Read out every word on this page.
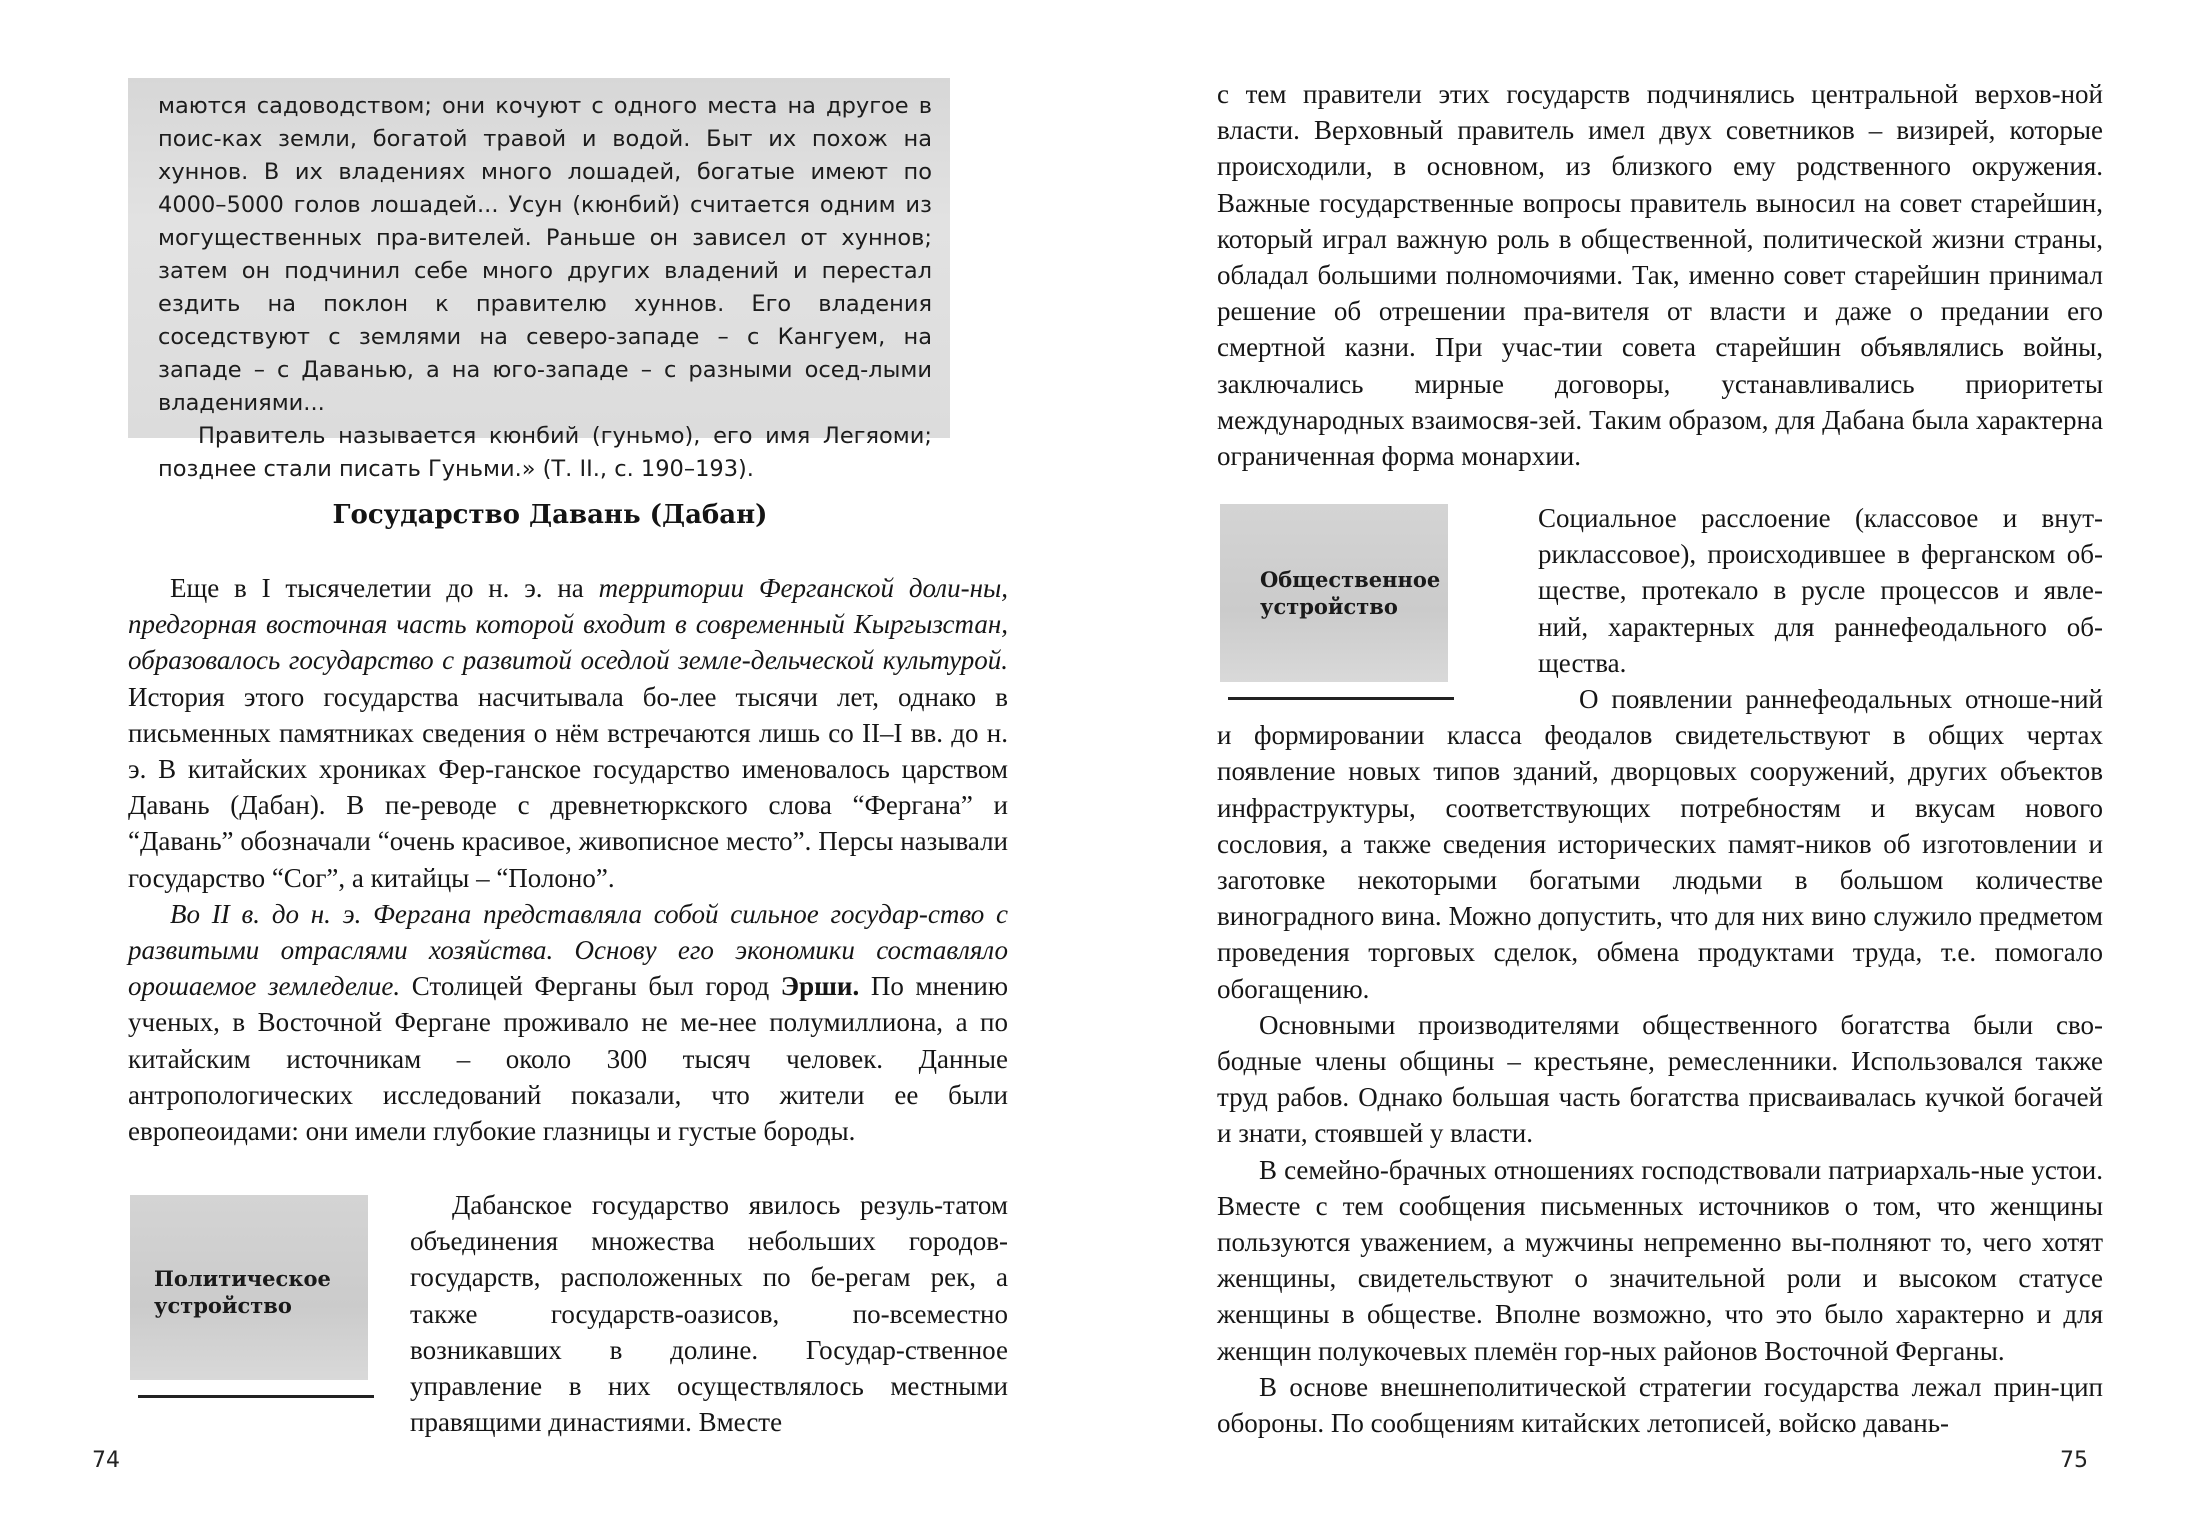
маются садоводством; они кочуют с одного места на другое в поис-ках земли, богатой травой и водой. Быт их похож на хуннов. В их владениях много лошадей, богатые имеют по 4000–5000 голов лошадей... Усун (кюнбий) считается одним из могущественных пра-вителей. Раньше он зависел от хуннов; затем он подчинил себе много других владений и перестал ездить на поклон к правителю хуннов. Его владения соседствуют с землями на северо-западе – с Кангуем, на западе – с Даванью, а на юго-западе – с разными осед-лыми владениями...

Правитель называется кюнбий (гуньмо), его имя Легяоми; позднее стали писать Гуньми.» (Т. II., с. 190–193).

Государство Давань (Дабан)

Еще в I тысячелетии до н. э. на территории Ферганской доли-ны, предгорная восточная часть которой входит в современный Кыргызстан, образовалось государство с развитой оседлой земле-дельческой культурой. История этого государства насчитывала бо-лее тысячи лет, однако в письменных памятниках сведения о нём встречаются лишь со II–I вв. до н. э. В китайских хрониках Фер-ганское государство именовалось царством Давань (Дабан). В пе-реводе с древнетюркского слова “Фергана” и “Давань” обозначали “очень красивое, живописное место”. Персы называли государство “Сог”, а китайцы – “Полоно”.

Во II в. до н. э. Фергана представляла собой сильное государ-ство с развитыми отраслями хозяйства. Основу его экономики составляло орошаемое земледелие. Столицей Ферганы был город Эрши. По мнению ученых, в Восточной Фергане проживало не ме-нее полумиллиона, а по китайским источникам – около 300 тысяч человек. Данные антропологических исследований показали, что жители ее были европеоидами: они имели глубокие глазницы и густые бороды.

Политическое устройство

Дабанское государство явилось резуль-татом объединения множества небольших городов-государств, расположенных по бе-регам рек, а также государств-оазисов, по-всеместно возникавших в долине. Государ-ственное управление в них осуществлялось местными правящими династиями. Вместе

74

с тем правители этих государств подчинялись центральной верхов-ной власти. Верховный правитель имел двух советников – визирей, которые происходили, в основном, из близкого ему родственного окружения. Важные государственные вопросы правитель выносил на совет старейшин, который играл важную роль в общественной, политической жизни страны, обладал большими полномочиями. Так, именно совет старейшин принимал решение об отрешении пра-вителя от власти и даже о предании его смертной казни. При учас-тии совета старейшин объявлялись войны, заключались мирные договоры, устанавливались приоритеты международных взаимосвя-зей. Таким образом, для Дабана была характерна ограниченная форма монархии.

Общественное устройство

Социальное расслоение (классовое и внут-риклассовое), происходившее в ферганском об-ществе, протекало в русле процессов и явле-ний, характерных для раннефеодального об-щества.

О появлении раннефеодальных отноше-ний и формировании класса феодалов свидетельствуют в общих чертах появление новых типов зданий, дворцовых сооружений, других объектов инфраструктуры, соответствующих потребностям и вкусам нового сословия, а также сведения исторических памят-ников об изготовлении и заготовке некоторыми богатыми людьми в большом количестве виноградного вина. Можно допустить, что для них вино служило предметом проведения торговых сделок, обмена продуктами труда, т.е. помогало обогащению.

Основными производителями общественного богатства были сво-бодные члены общины – крестьяне, ремесленники. Использовался также труд рабов. Однако большая часть богатства присваивалась кучкой богачей и знати, стоявшей у власти.

В семейно-брачных отношениях господствовали патриархаль-ные устои. Вместе с тем сообщения письменных источников о том, что женщины пользуются уважением, а мужчины непременно вы-полняют то, чего хотят женщины, свидетельствуют о значительной роли и высоком статусе женщины в обществе. Вполне возможно, что это было характерно и для женщин полукочевых племён гор-ных районов Восточной Ферганы.

В основе внешнеполитической стратегии государства лежал прин-цип обороны. По сообщениям китайских летописей, войско давань-

75
